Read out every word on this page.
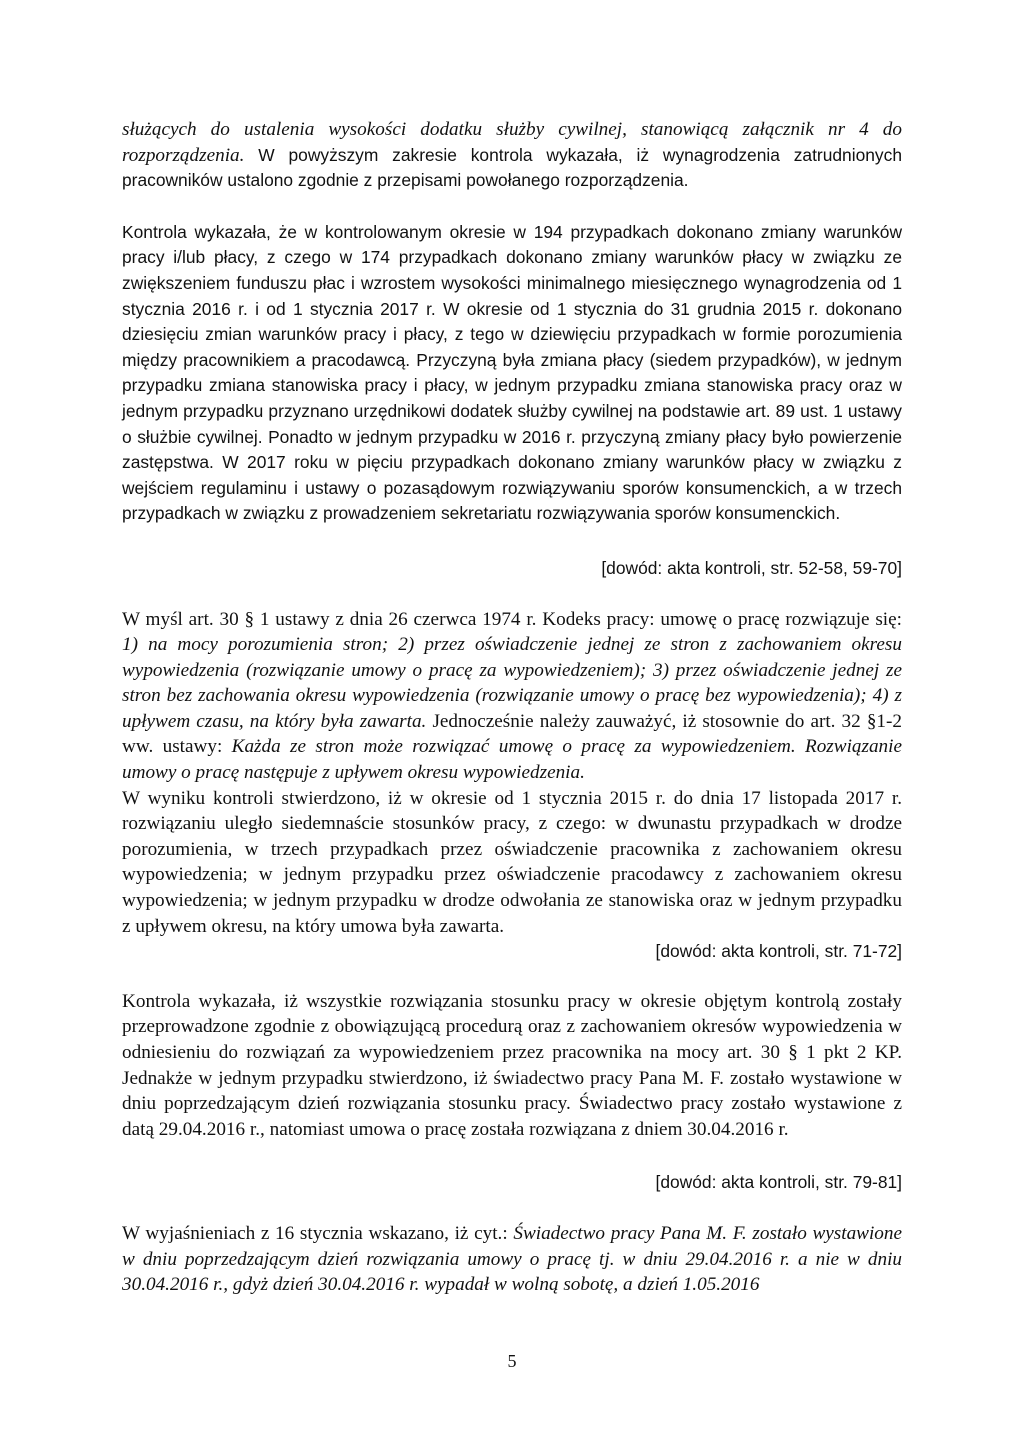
służących do ustalenia wysokości dodatku służby cywilnej, stanowiącą załącznik nr 4 do rozporządzenia. W powyższym zakresie kontrola wykazała, iż wynagrodzenia zatrudnionych pracowników ustalono zgodnie z przepisami powołanego rozporządzenia.

Kontrola wykazała, że w kontrolowanym okresie w 194 przypadkach dokonano zmiany warunków pracy i/lub płacy, z czego w 174 przypadkach dokonano zmiany warunków płacy w związku ze zwiększeniem funduszu płac i wzrostem wysokości minimalnego miesięcznego wynagrodzenia od 1 stycznia 2016 r. i od 1 stycznia 2017 r. W okresie od 1 stycznia do 31 grudnia 2015 r. dokonano dziesięciu zmian warunków pracy i płacy, z tego w dziewięciu przypadkach w formie porozumienia między pracownikiem a pracodawcą. Przyczyną była zmiana płacy (siedem przypadków), w jednym przypadku zmiana stanowiska pracy i płacy, w jednym przypadku zmiana stanowiska pracy oraz w jednym przypadku przyznano urzędnikowi dodatek służby cywilnej na podstawie art. 89 ust. 1 ustawy o służbie cywilnej. Ponadto w jednym przypadku w 2016 r. przyczyną zmiany płacy było powierzenie zastępstwa. W 2017 roku w pięciu przypadkach dokonano zmiany warunków płacy w związku z wejściem regulaminu i ustawy o pozasądowym rozwiązywaniu sporów konsumenckich, a w trzech przypadkach w związku z prowadzeniem sekretariatu rozwiązywania sporów konsumenckich.

[dowód: akta kontroli, str. 52-58, 59-70]

W myśl art. 30 § 1 ustawy z dnia 26 czerwca 1974 r. Kodeks pracy: umowę o pracę rozwiązuje się: 1) na mocy porozumienia stron; 2) przez oświadczenie jednej ze stron z zachowaniem okresu wypowiedzenia (rozwiązanie umowy o pracę za wypowiedzeniem); 3) przez oświadczenie jednej ze stron bez zachowania okresu wypowiedzenia (rozwiązanie umowy o pracę bez wypowiedzenia); 4) z upływem czasu, na który była zawarta. Jednocześnie należy zauważyć, iż stosownie do art. 32 §1-2 ww. ustawy: Każda ze stron może rozwiązać umowę o pracę za wypowiedzeniem. Rozwiązanie umowy o pracę następuje z upływem okresu wypowiedzenia.

W wyniku kontroli stwierdzono, iż w okresie od 1 stycznia 2015 r. do dnia 17 listopada 2017 r. rozwiązaniu uległo siedemnaście stosunków pracy, z czego: w dwunastu przypadkach w drodze porozumienia, w trzech przypadkach przez oświadczenie pracownika z zachowaniem okresu wypowiedzenia; w jednym przypadku przez oświadczenie pracodawcy z zachowaniem okresu wypowiedzenia; w jednym przypadku w drodze odwołania ze stanowiska oraz w jednym przypadku z upływem okresu, na który umowa była zawarta.

[dowód: akta kontroli, str. 71-72]

Kontrola wykazała, iż wszystkie rozwiązania stosunku pracy w okresie objętym kontrolą zostały przeprowadzone zgodnie z obowiązującą procedurą oraz z zachowaniem okresów wypowiedzenia w odniesieniu do rozwiązań za wypowiedzeniem przez pracownika na mocy art. 30 § 1 pkt 2 KP. Jednakże w jednym przypadku stwierdzono, iż świadectwo pracy Pana M. F. zostało wystawione w dniu poprzedzającym dzień rozwiązania stosunku pracy. Świadectwo pracy zostało wystawione z datą 29.04.2016 r., natomiast umowa o pracę została rozwiązana z dniem 30.04.2016 r.

[dowód: akta kontroli, str. 79-81]

W wyjaśnieniach z 16 stycznia wskazano, iż cyt.: Świadectwo pracy Pana M. F. zostało wystawione w dniu poprzedzającym dzień rozwiązania umowy o pracę tj. w dniu 29.04.2016 r. a nie w dniu 30.04.2016 r., gdyż dzień 30.04.2016 r. wypadał w wolną sobotę, a dzień 1.05.2016

5
